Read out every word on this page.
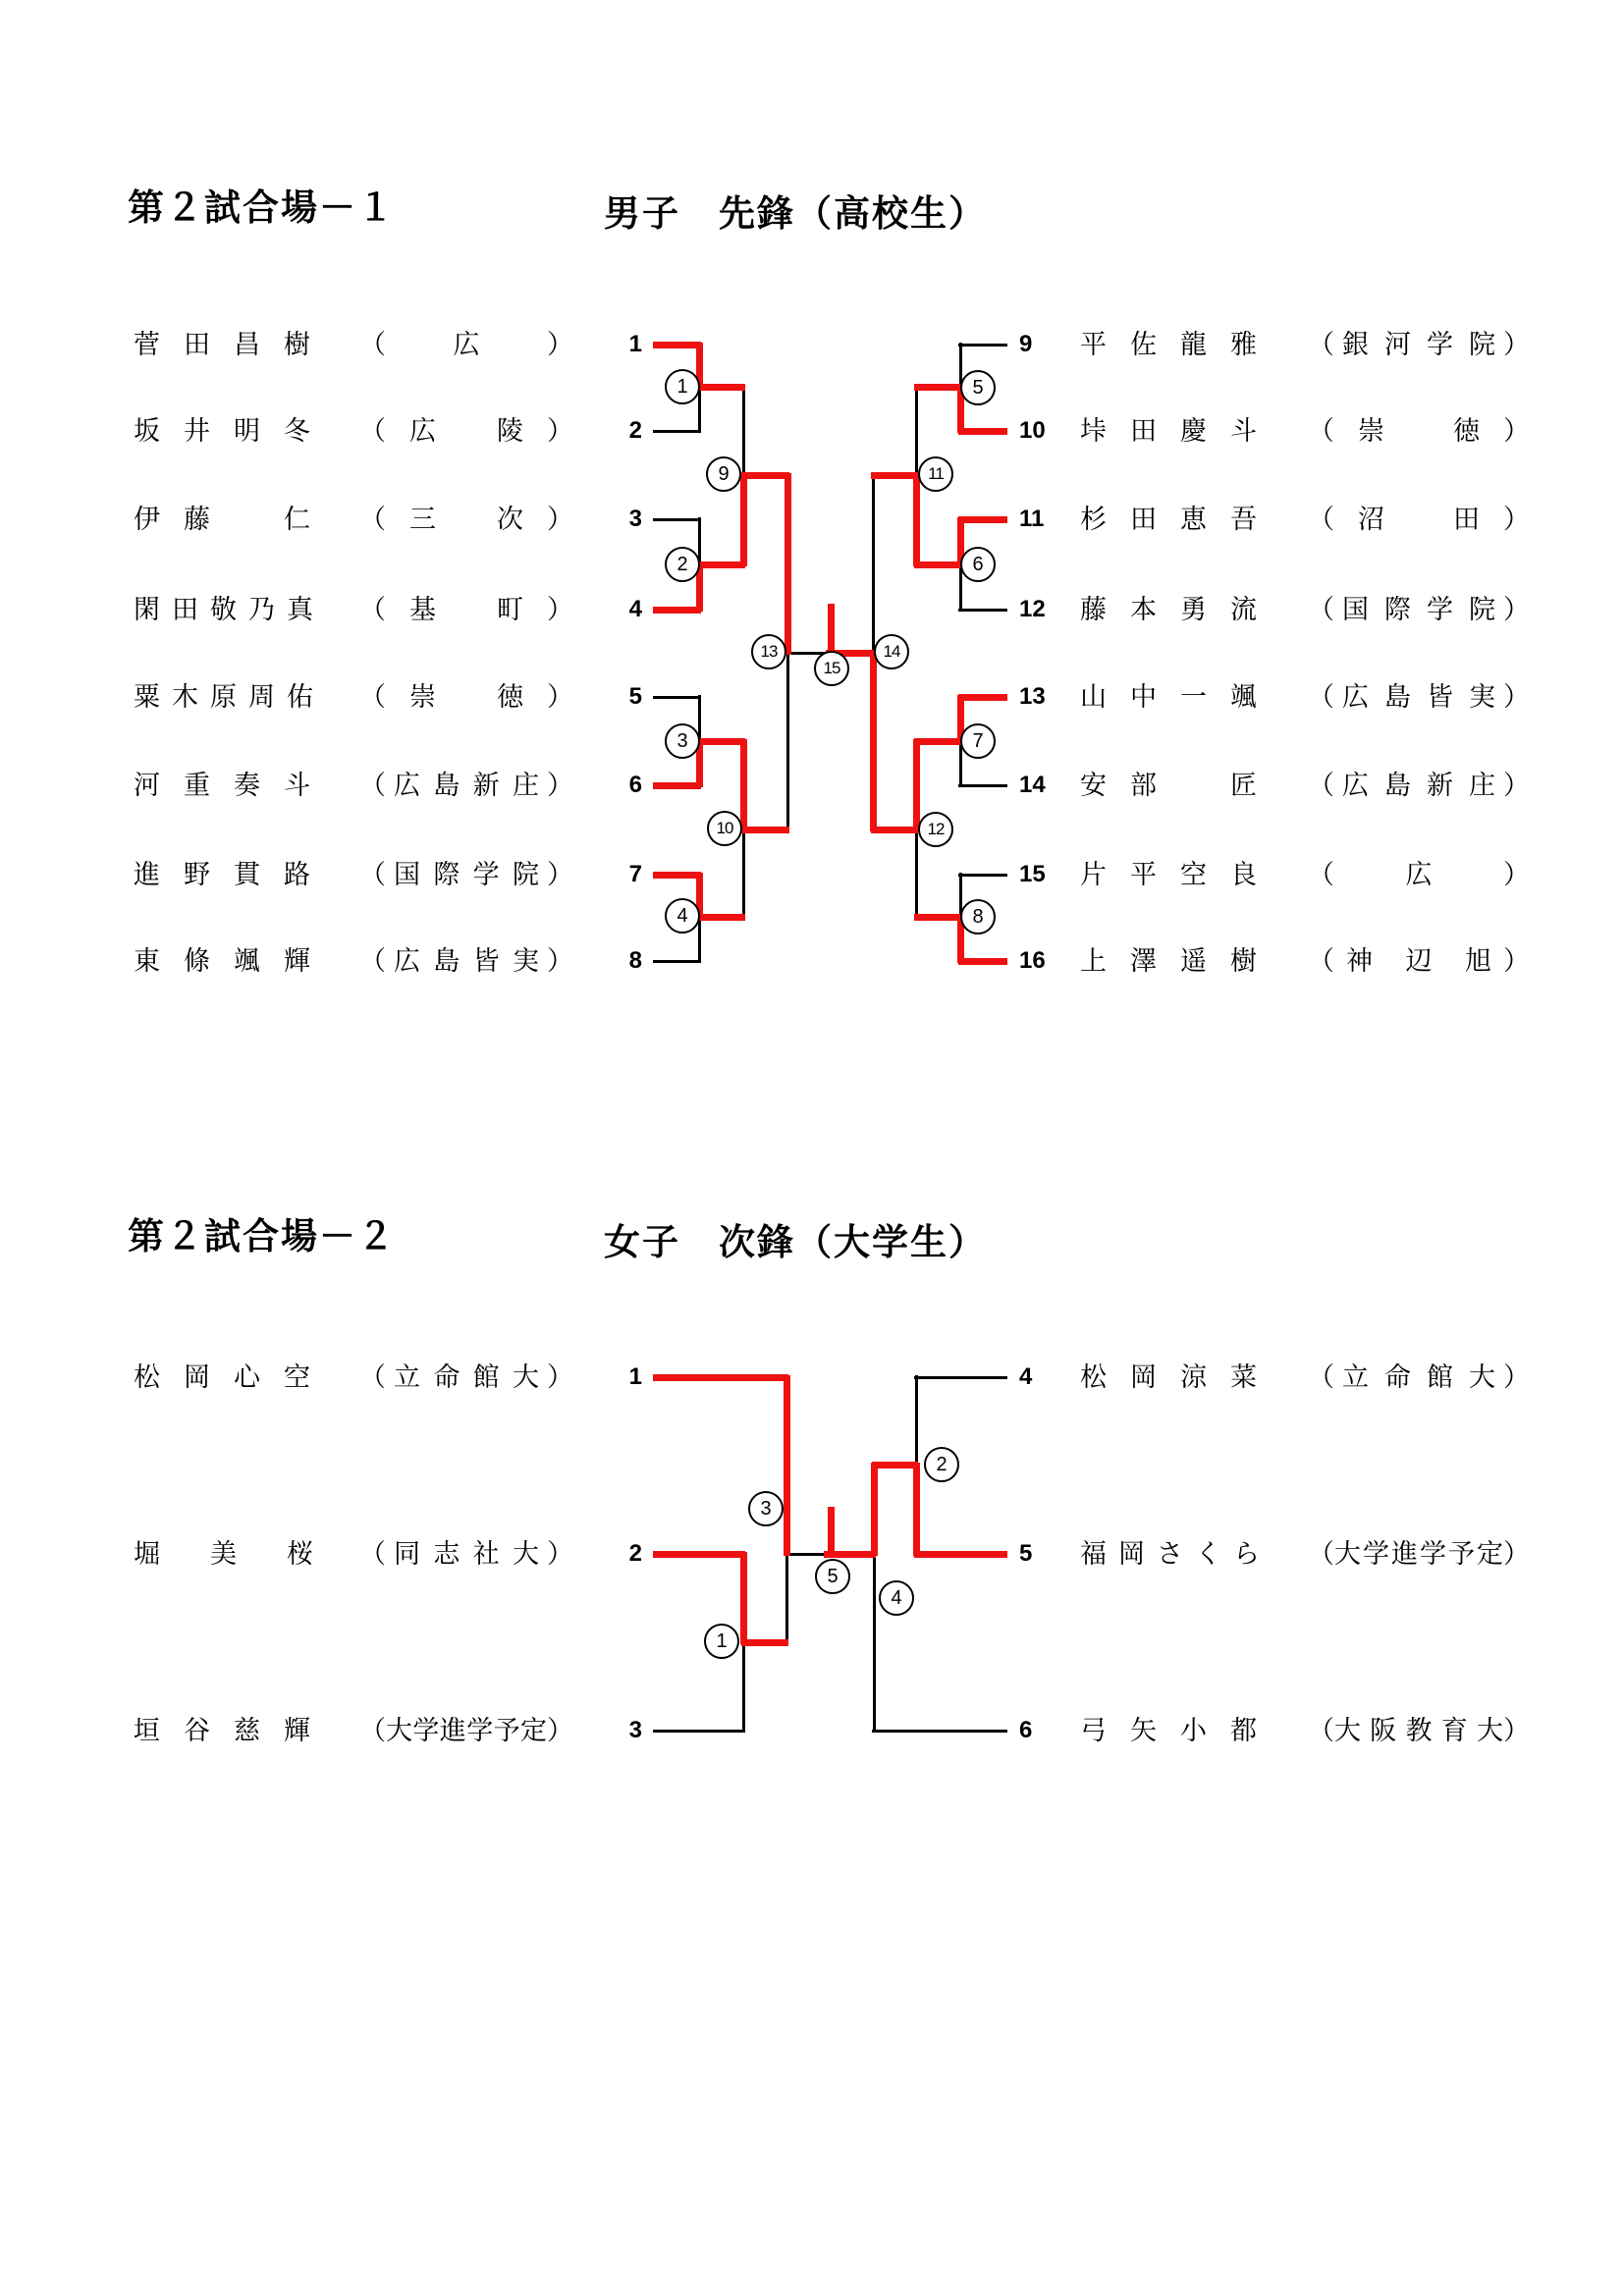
第２試合場－１	男子　先鋒（高校生）
1
2
3
4
9
10
13
15
5
6
7
8
11
12
14
1
菅田昌樹 （	広	）
2
坂井明冬 （ 広陵 ）
3
伊藤　仁 （ 三次 ）
4
閑田敬乃真	（ 基町 ）
5
粟木原周佑	（ 崇徳 ）
6
河重奏斗 （ 広島新庄 ）
7
進野貫路 （ 国際学院 ）
8
東條颯輝 （ 広島皆実 ）
9	平佐龍雅	（ 銀河学院 ）
10	垰田慶斗	（ 崇徳 ）
11	杉田恵吾	（ 沼田 ）
12	藤本勇流	（ 国際学院 ）
13	山中一颯	（ 広島皆実 ）
14	安部　匠	（ 広島新庄 ）
15	片平空良	（	広	）
16	上澤遥樹	（ 神辺旭 ）
第２試合場－２	女子　次鋒（大学生）
1
2
3
4
5
1
松岡心空 （ 立命館大 ）
2
堀　美　桜	（ 同志社大 ）
3
垣谷慈輝 （ 大学進学予定 ）
4	松岡涼菜	（ 立命館大 ）
5	福岡さくら	（ 大学進学予定 ）
6	弓矢小都	（ 大阪教育大 ）
